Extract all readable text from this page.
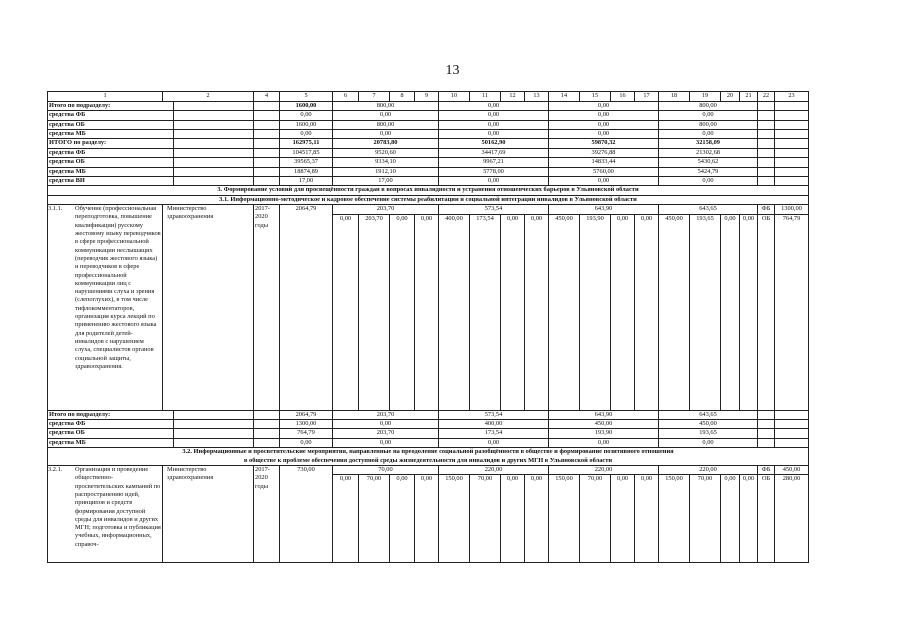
13
1	2		4	5	6	7	8	9	10	11	12	13	14	15	16	17	18	19	20	21	22	23
Итого по подразделу:				1600,00	800,00				0,00				0,00				800,00					
средства ФБ				0,00	0,00				0,00				0,00				0,00					
средства ОБ				1600,00	800,00				0,00				0,00				800,00					
средства МБ				0,00	0,00				0,00				0,00				0,00					
ИТОГО по разделу:				162975,11	20783,80				50162,90				59870,32				32158,09					
средства ФБ				104517,85	9520,60				34417,69				39276,88				21302,68					
средства ОБ				39565,37	9334,10				9967,21				14833,44				5430,62					
средства МБ				18874,89	1912,10				5778,00				5760,00				5424,79					
средства ВИ				17,00	17,00				0,00				0,00				0,00					
3. Формирование условий для просвещённости граждан в вопросах инвалидности и устранения отношенческих барьеров в Ульяновской области																						
3.1. Информационно-методическое и кадровое обеспечение системы реабилитации и социальной интеграции инвалидов в Ульяновской области																						

3.1.1. Обучение (профессиональная переподготовка, повышение квалификации) русскому жестовому языку переводчиков в сфере профессиональной коммуникации неслышащих (переводчик жестового языка) и переводчиков в сфере профессиональной коммуникации лиц с нарушениями слуха и зрения (слепоглухих), в том числе тифлокомментаторов, организация курса лекций по применению жестового языка для родителей детей-инвалидов с нарушением слуха, специалистов органов социальной защиты, здравоохранения.	Министерство здравоохранения		2017-2020 годы	2064,79	203,70				573,54				643,90				643,65				ФБ	1300,00
					0,00	203,70	0,00	0,00	400,00	173,54	0,00	0,00	450,00	193,90	0,00	0,00	450,00	193,65	0,00	0,00	ОБ	764,79
Итого по подразделу:				2064,79	203,70				573,54				643,90				643,65					
средства ФБ				1300,00	0,00				400,00				450,00				450,00					
средства ОБ				764,79	203,70				173,54				193,90				193,65					
средства МБ				0,00	0,00				0,00				0,00				0,00					

3.2. Информационные и просветительские мероприятия, направленные на преодоление социальной разобщённости в обществе и формирование позитивного отношения
в обществе к проблеме обеспечения доступной среды жизнедеятельности для инвалидов и других МГН в Ульяновской области																						

3.2.1. Организация и проведение общественно-просветительских кампаний по распространению идей, принципов и средств формирования доступной среды для инвалидов и других МГН; подготовка и публикация учебных, информационных, справоч-	Министерство здравоохранения		2017-2020 годы	730,00	70,00				220,00				220,00				220,00				ФБ	450,00
					0,00	70,00	0,00	0,00	150,00	70,00	0,00	0,00	150,00	70,00	0,00	0,00	150,00	70,00	0,00	0,00	ОБ	280,00
